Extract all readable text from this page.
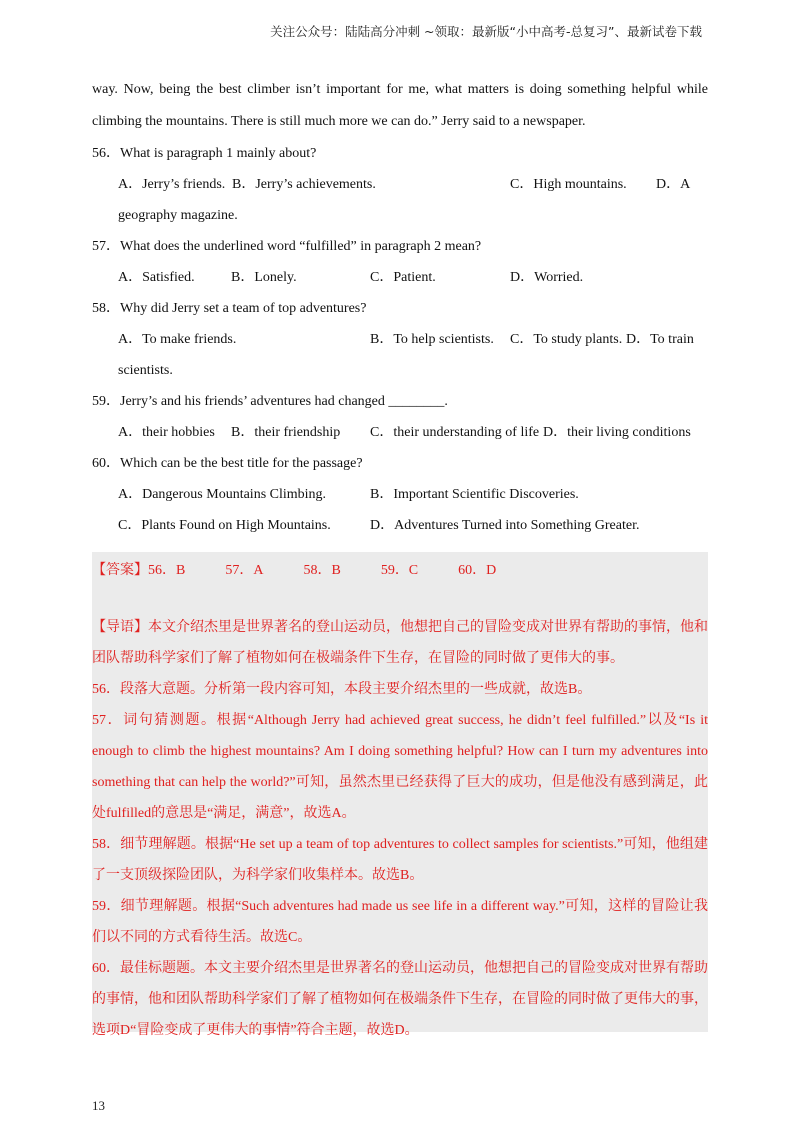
关注公众号：陆陆高分冲刺 ~领取：最新版“小中高考-总复习”、最新试卷下载

way. Now, being the best climber isn’t important for me, what matters is doing something helpful while climbing the mountains. There is still much more we can do.” Jerry said to a newspaper.

56．What is paragraph 1 mainly about?

A．Jerry’s friends. B．Jerry’s achievements.	C．High mountains. D．A
geography magazine.

57．What does the underlined word “fulfilled” in paragraph 2 mean?

A．Satisfied.	B．Lonely.	C．Patient.	D．Worried.

58．Why did Jerry set a team of top adventures?

A．To make friends.	B．To help scientists. C．To study plants. D．To train
scientists.

59．Jerry’s and his friends’ adventures had changed ________.

A．their hobbies B．their friendship C．their understanding of life D．their living conditions

60．Which can be the best title for the passage?

A．Dangerous Mountains Climbing.	B．Important Scientific Discoveries.
C．Plants Found on High Mountains.	D．Adventures Turned into Something Greater.
【答案】56．B	57．A	58．B	59．C	60．D

【导语】本文介绍杰里是世界著名的登山运动员，他想把自己的冒险变成对世界有帮助的事情，他和团队帮助科学家们了解了植物如何在极端条件下生存，在冒险的同时做了更伟大的事。

56．段落大意题。分析第一段内容可知，本段主要介绍杰里的一些成就，故选B。

57．词句猜测题。根据“Although Jerry had achieved great success, he didn’t feel fulfilled.”以及“Is it enough to climb the highest mountains? Am I doing something helpful? How can I turn my adventures into something that can help the world?”可知，虽然杰里已经获得了巨大的成功，但是他没有感到满足，此处fulfilled的意思是“满足，满意”，故选A。

58．细节理解题。根据“He set up a team of top adventures to collect samples for scientists.”可知，他组建了一支顶级探险团队，为科学家们收集样本。故选B。

59．细节理解题。根据“Such adventures had made us see life in a different way.”可知，这样的冒险让我们以不同的方式看待生活。故选C。

60．最佳标题题。本文主要介绍杰里是世界著名的登山运动员，他想把自己的冒险变成对世界有帮助的事情，他和团队帮助科学家们了解了植物如何在极端条件下生存，在冒险的同时做了更伟大的事，选项D“冒险变成了更伟大的事情”符合主题，故选D。

13
